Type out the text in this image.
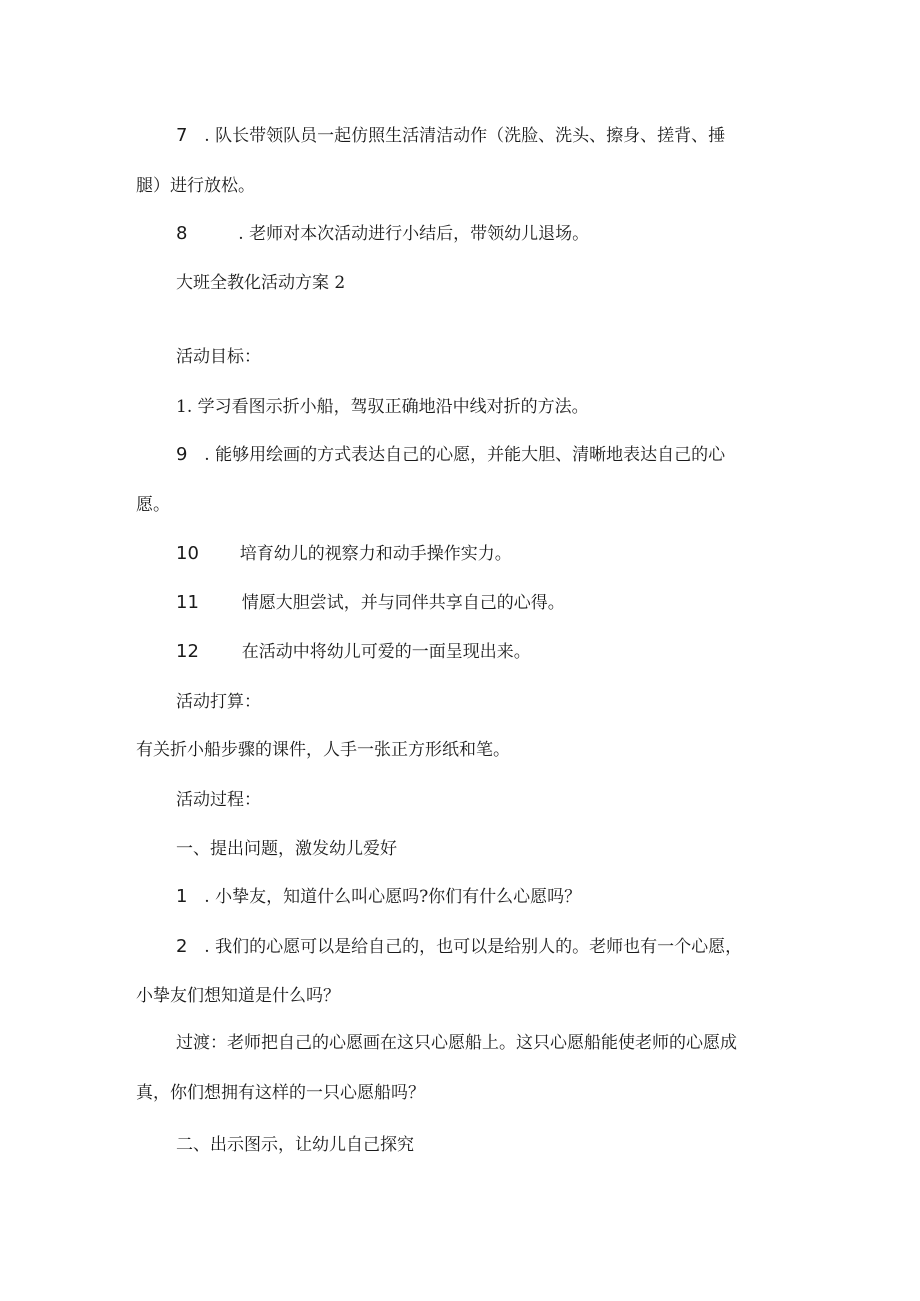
7 . 队长带领队员一起仿照生活清洁动作（洗脸、洗头、擦身、搓背、捶
腿）进行放松。
8	. 老师对本次活动进行小结后，带领幼儿退场。
大班全教化活动方案 2
活动目标：
1. 学习看图示折小船，驾驭正确地沿中线对折的方法。
9 . 能够用绘画的方式表达自己的心愿，并能大胆、清晰地表达自己的心
愿。
10 培育幼儿的视察力和动手操作实力。
11	情愿大胆尝试，并与同伴共享自己的心得。
12	在活动中将幼儿可爱的一面呈现出来。
活动打算：
有关折小船步骤的课件，人手一张正方形纸和笔。
活动过程：
一、提出问题，激发幼儿爱好
1 . 小挚友，知道什么叫心愿吗?你们有什么心愿吗？
2 . 我们的心愿可以是给自己的，也可以是给别人的。老师也有一个心愿，
小挚友们想知道是什么吗？
过渡：老师把自己的心愿画在这只心愿船上。这只心愿船能使老师的心愿成
真，你们想拥有这样的一只心愿船吗？
二、出示图示，让幼儿自己探究
